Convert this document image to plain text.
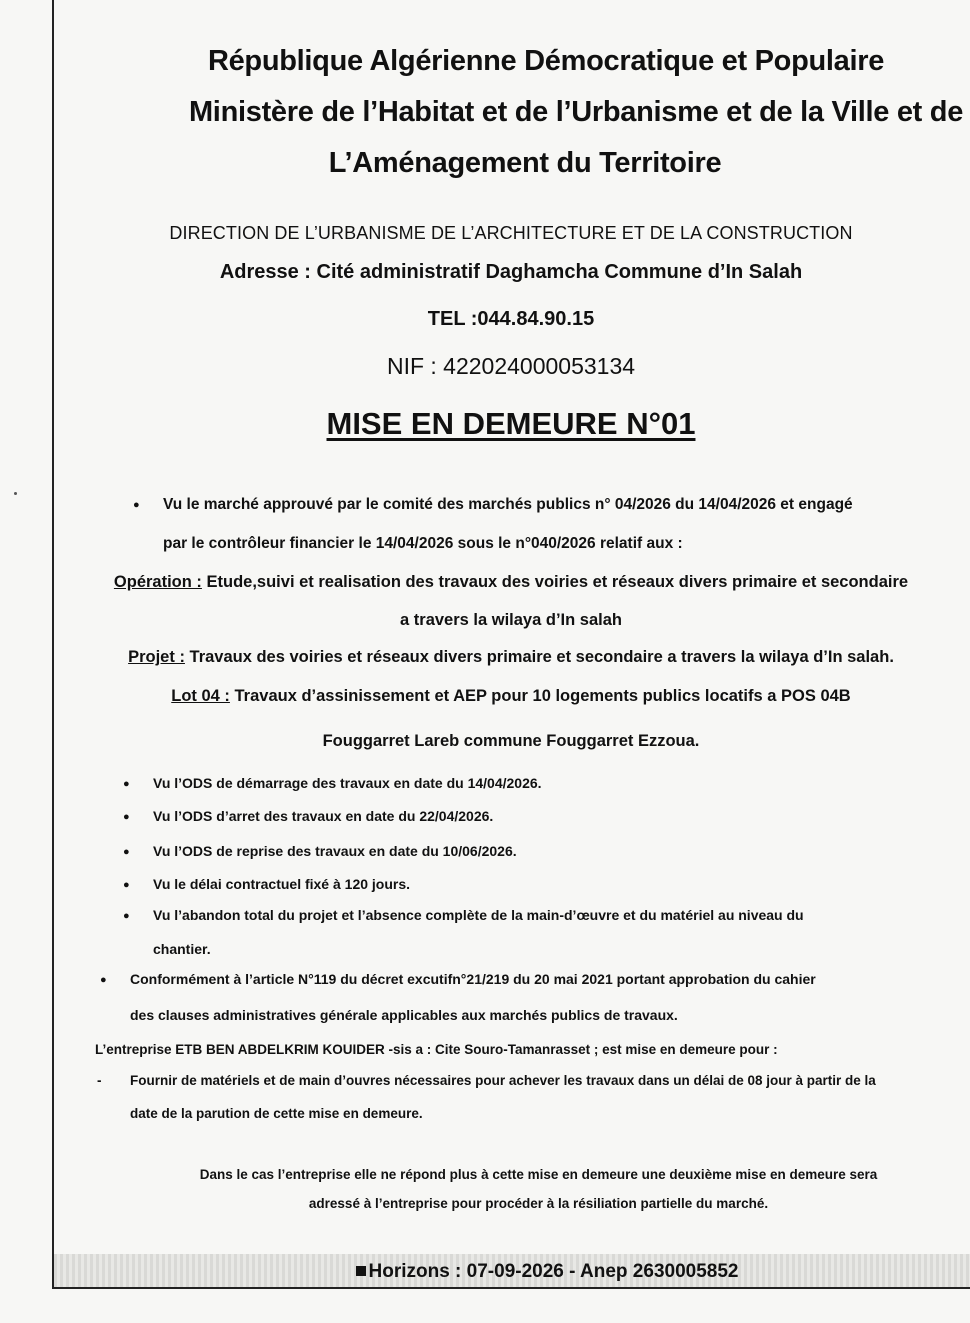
République Algérienne Démocratique et Populaire
Ministère de l’Habitat et de l’Urbanisme et de la Ville et de
L’Aménagement du Territoire
DIRECTION DE L’URBANISME DE L’ARCHITECTURE ET DE LA CONSTRUCTION
Adresse : Cité administratif Daghamcha Commune d’In Salah
TEL :044.84.90.15
NIF : 422024000053134
MISE EN DEMEURE N°01
● Vu le marché approuvé par le comité des marchés publics n° 04/2026 du 14/04/2026 et engagé
par le contrôleur financier le 14/04/2026 sous le n°040/2026 relatif aux :
Opération : Etude,suivi et realisation des travaux des voiries et réseaux divers primaire et secondaire
a travers la wilaya d’In salah
Projet : Travaux des voiries et réseaux divers primaire et secondaire a travers la wilaya d’In salah.
Lot 04 : Travaux d’assinissement et AEP pour 10 logements publics locatifs a POS 04B
Fouggarret Lareb commune Fouggarret Ezzoua.
● Vu l’ODS de démarrage des travaux en date du 14/04/2026.
● Vu l’ODS d’arret des travaux en date du 22/04/2026.
● Vu l’ODS de reprise des travaux en date du 10/06/2026.
● Vu le délai contractuel fixé à 120 jours.
● Vu l’abandon total du projet et l’absence complète de la main-d’œuvre et du matériel au niveau du
chantier.
● Conformément à l’article N°119 du décret excutifn°21/219 du 20 mai 2021 portant approbation du cahier
des clauses administratives générale applicables aux marchés publics de travaux.
L’entreprise ETB BEN ABDELKRIM KOUIDER -sis a : Cite Souro-Tamanrasset ; est mise en demeure pour :
- Fournir de matériels et de main d’ouvres nécessaires pour achever les travaux dans un délai de 08 jour à partir de la
date de la parution de cette mise en demeure.
Dans le cas l’entreprise elle ne répond plus à cette mise en demeure une deuxième mise en demeure sera
adressé à l’entreprise pour procéder à la résiliation partielle du marché.
Horizons : 07-09-2026 - Anep 2630005852
